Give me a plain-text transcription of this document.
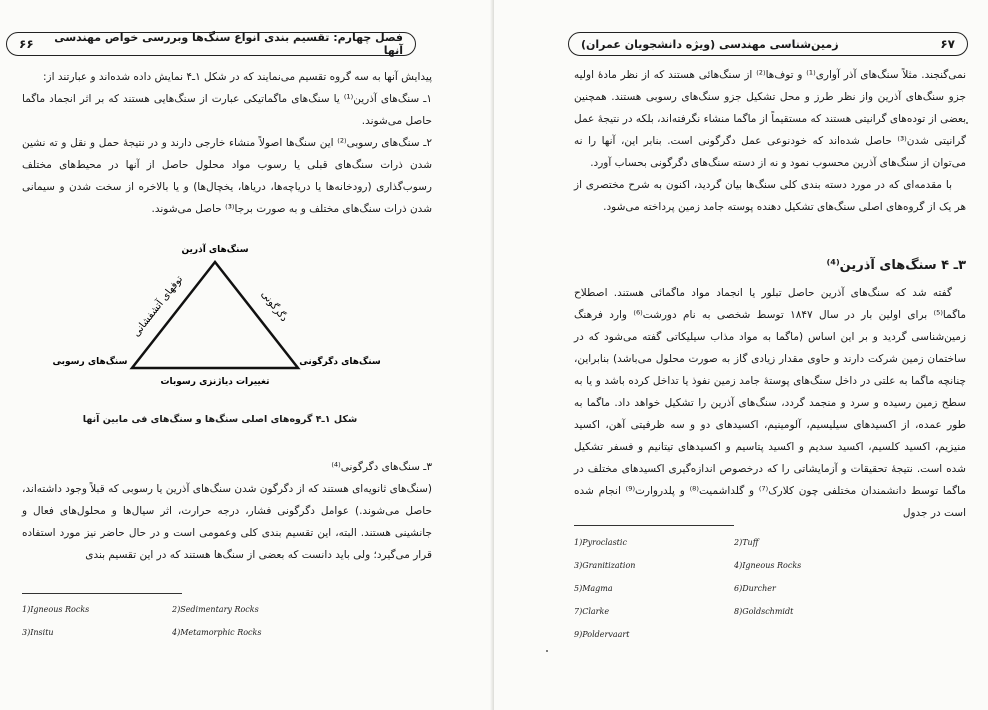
فصل چهارم: تقسیم بندی انواع سنگ‌ها وبررسی خواص مهندسی آنها
۶۶

پیدایش آنها به سه گروه تقسیم می‌نمایند که در شکل ۱ـ۴ نمایش داده شده‌اند و عبارتند از:

۱ـ سنگ‌های آذرین⁽¹⁾ یا سنگ‌های ماگماتیکی عبارت از سنگ‌هایی هستند که بر اثر انجماد ماگما حاصل می‌شوند.

۲ـ سنگ‌های رسوبی⁽²⁾ این سنگ‌ها اصولاً منشاء خارجی دارند و در نتیجهٔ حمل و نقل و ته نشین شدن ذرات سنگ‌های قبلی یا رسوب مواد محلول حاصل از آنها در محیط‌های مختلف رسوب‌گذاری (رودخانه‌ها یا دریاچه‌ها، دریاها، یخچال‌ها) و یا بالاخره از سخت شدن و سیمانی شدن ذرات سنگ‌های مختلف و به صورت برجا⁽³⁾ حاصل می‌شوند.

سنگ‌های آذرین
سنگ‌های رسوبی	سنگ‌های دگرگونی
تغییرات دیاژنزی رسوبات
توفهای آتشفشانی	دگرگونی
شکل ۱ـ۴ گروه‌های اصلی سنگ‌ها و سنگ‌های فی مابین آنها

۳ـ سنگ‌های دگرگونی⁽⁴⁾

(سنگ‌های ثانویه‌ای هستند که از دگرگون شدن سنگ‌های آذرین یا رسوبی که قبلاً وجود داشته‌اند، حاصل می‌شوند.) عوامل دگرگونی فشار، درجه حرارت، اثر سیال‌ها و محلول‌های فعال و جانشینی هستند. البته، این تقسیم بندی کلی وعمومی است و در حال حاضر نیز مورد استفاده قرار می‌گیرد؛ ولی باید دانست که بعضی از سنگ‌ها هستند که در این تقسیم بندی

1)Igneous Rocks	2)Sedimentary Rocks
3)Insitu	4)Metamorphic Rocks
۶۷
زمین‌شناسی مهندسی (ویژه دانشجویان عمران)

نمی‌گنجند. مثلاً سنگ‌های آذر آواری⁽¹⁾ و توف‌ها⁽²⁾ از سنگ‌هائی هستند که از نظر مادهٔ اولیه جزو سنگ‌های آذرین واز نظر طرز و محل تشکیل جزو سنگ‌های رسوبی هستند. همچنین بعضی از توده‌های گرانیتی هستند که مستقیماً از ماگما منشاء نگرفته‌اند، بلکه در نتیجهٔ عمل گرانیتی شدن⁽³⁾ حاصل شده‌اند که خودنوعی عمل دگرگونی است. بنابر این، آنها را نه می‌توان از سنگ‌های آذرین محسوب نمود و نه از دسته سنگ‌های دگرگونی بحساب آورد.

با مقدمه‌ای که در مورد دسته بندی کلی سنگ‌ها بیان گردید، اکنون به شرح مختصری از هر یک از گروه‌های اصلی سنگ‌های تشکیل دهنده پوسته جامد زمین پرداخته می‌شود.

۳ـ ۴ سنگ‌های آذرین⁽⁴⁾

گفته شد که سنگ‌های آذرین حاصل تبلور یا انجماد مواد ماگمائی هستند. اصطلاح ماگما⁽⁵⁾ برای اولین بار در سال ۱۸۴۷ توسط شخصی به نام دورشت⁽⁶⁾ وارد فرهنگ زمین‌شناسی گردید و بر این اساس (ماگما به مواد مذاب سیلیکاتی گفته می‌شود که در ساختمان زمین شرکت دارند و حاوی مقدار زیادی گاز به صورت محلول می‌باشد) بنابراین، چنانچه ماگما به علتی در داخل سنگ‌های پوستهٔ جامد زمین نفوذ یا تداخل کرده باشد و یا به سطح زمین رسیده و سرد و منجمد گردد، سنگ‌های آذرین را تشکیل خواهد داد. ماگما به طور عمده، از اکسیدهای سیلیسیم، آلومینیم، اکسیدهای دو و سه ظرفیتی آهن، اکسید منیزیم، اکسید کلسیم، اکسید سدیم و اکسید پتاسیم و اکسیدهای تیتانیم و فسفر تشکیل شده است. نتیجهٔ تحقیقات و آزمایشاتی را که درخصوص اندازه‌گیری اکسیدهای مختلف در ماگما توسط دانشمندان مختلفی چون کلارک⁽⁷⁾ و گلداشمیت⁽⁸⁾ و پلدروارت⁽⁹⁾ انجام شده است در جدول

1)Pyroclastic	2)Tuff
3)Granitization	4)Igneous Rocks
5)Magma	6)Durcher
7)Clarke	8)Goldschmidt
9)Poldervaart
